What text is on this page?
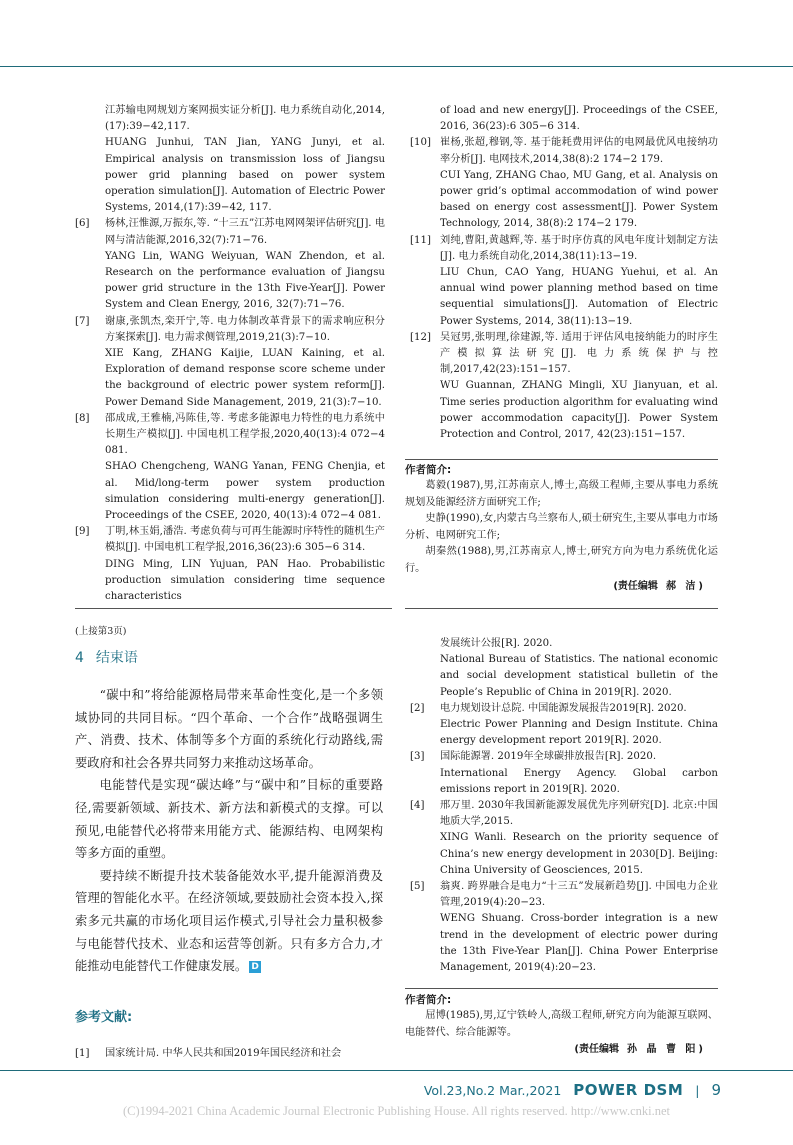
江苏输电网规划方案网损实证分析[J]. 电力系统自动化,2014,(17):39−42,117.
HUANG Junhui, TAN Jian, YANG Junyi, et al. Empirical analysis on transmission loss of Jiangsu power grid planning based on power system operation simulation[J]. Automation of Electric Power Systems, 2014,(17):39−42, 117.
[6]	杨林,汪惟源,万振东,等. “十三五”江苏电网网架评估研究[J]. 电网与清洁能源,2016,32(7):71−76.
YANG Lin, WANG Weiyuan, WAN Zhendon, et al. Research on the performance evaluation of Jiangsu power grid structure in the 13th Five-Year[J]. Power System and Clean Energy, 2016, 32(7):71−76.
[7]	谢康,张凯杰,栾开宁,等. 电力体制改革背景下的需求响应积分方案探索[J]. 电力需求侧管理,2019,21(3):7−10.
XIE Kang, ZHANG Kaijie, LUAN Kaining, et al. Exploration of demand response score scheme under the background of electric power system reform[J]. Power Demand Side Management, 2019, 21(3):7−10.
[8]	邵成成,王雅楠,冯陈佳,等. 考虑多能源电力特性的电力系统中长期生产模拟[J]. 中国电机工程学报,2020,40(13):4 072−4 081.
SHAO Chengcheng, WANG Yanan, FENG Chenjia, et al. Mid/long-term power system production simulation considering multi-energy generation[J]. Proceedings of the CSEE, 2020, 40(13):4 072−4 081.
[9]	丁明,林玉娟,潘浩. 考虑负荷与可再生能源时序特性的随机生产模拟[J]. 中国电机工程学报,2016,36(23):6 305−6 314.
DING Ming, LIN Yujuan, PAN Hao. Probabilistic production simulation considering time sequence characteristics
of load and new energy[J]. Proceedings of the CSEE, 2016, 36(23):6 305−6 314.
[10] 崔杨,张超,穆钢,等. 基于能耗费用评估的电网最优风电接纳功率分析[J]. 电网技术,2014,38(8):2 174−2 179.
CUI Yang, ZHANG Chao, MU Gang, et al. Analysis on power grid’s optimal accommodation of wind power based on energy cost assessment[J]. Power System Technology, 2014, 38(8):2 174−2 179.
[11] 刘纯,曹阳,黄越辉,等. 基于时序仿真的风电年度计划制定方法[J]. 电力系统自动化,2014,38(11):13−19.
LIU Chun, CAO Yang, HUANG Yuehui, et al. An annual wind power planning method based on time sequential simulations[J]. Automation of Electric Power Systems, 2014, 38(11):13−19.
[12] 吴冠男,张明理,徐建源,等. 适用于评估风电接纳能力的时序生产模拟算法研究[J]. 电力系统保护与控制,2017,42(23):151−157.
WU Guannan, ZHANG Mingli, XU Jianyuan, et al. Time series production algorithm for evaluating wind power accommodation capacity[J]. Power System Protection and Control, 2017, 42(23):151−157.
作者简介:
葛毅(1987),男,江苏南京人,博士,高级工程师,主要从事电力系统规划及能源经济方面研究工作;
史静(1990),女,内蒙古乌兰察布人,硕士研究生,主要从事电力市场分析、电网研究工作;
胡秦然(1988),男,江苏南京人,博士,研究方向为电力系统优化运行。
(责任编辑 郝 洁)
(上接第3页)
4 结束语
“碳中和”将给能源格局带来革命性变化,是一个多领域协同的共同目标。“四个革命、一个合作”战略强调生产、消费、技术、体制等多个方面的系统化行动路线,需要政府和社会各界共同努力来推动这场革命。
电能替代是实现“碳达峰”与“碳中和”目标的重要路径,需要新领域、新技术、新方法和新模式的支撑。可以预见,电能替代必将带来用能方式、能源结构、电网架构等多方面的重塑。
要持续不断提升技术装备能效水平,提升能源消费及管理的智能化水平。在经济领域,要鼓励社会资本投入,探索多元共赢的市场化项目运作模式,引导社会力量积极参与电能替代技术、业态和运营等创新。只有多方合力,才能推动电能替代工作健康发展。 D
参考文献:
[1]	国家统计局. 中华人民共和国2019年国民经济和社会
发展统计公报[R]. 2020.
National Bureau of Statistics. The national economic and social development statistical bulletin of the People’s Republic of China in 2019[R]. 2020.
[2]	电力规划设计总院. 中国能源发展报告2019[R]. 2020.
Electric Power Planning and Design Institute. China energy development report 2019[R]. 2020.
[3]	国际能源署. 2019年全球碳排放报告[R]. 2020.
International Energy Agency. Global carbon emissions report in 2019[R]. 2020.
[4]	邢万里. 2030年我国新能源发展优先序列研究[D]. 北京:中国地质大学,2015.
XING Wanli. Research on the priority sequence of China’s new energy development in 2030[D]. Beijing: China University of Geosciences, 2015.
[5]	翁爽. 跨界融合是电力“十三五”发展新趋势[J]. 中国电力企业管理,2019(4):20−23.
WENG Shuang. Cross-border integration is a new trend in the development of electric power during the 13th Five-Year Plan[J]. China Power Enterprise Management, 2019(4):20−23.
作者简介:
屈博(1985),男,辽宁铁岭人,高级工程师,研究方向为能源互联网、电能替代、综合能源等。
(责任编辑 孙 晶 曹 阳)
Vol.23,No.2 Mar.,2021 POWER DSM | 9
(C)1994-2021 China Academic Journal Electronic Publishing House. All rights reserved. http://www.cnki.net
